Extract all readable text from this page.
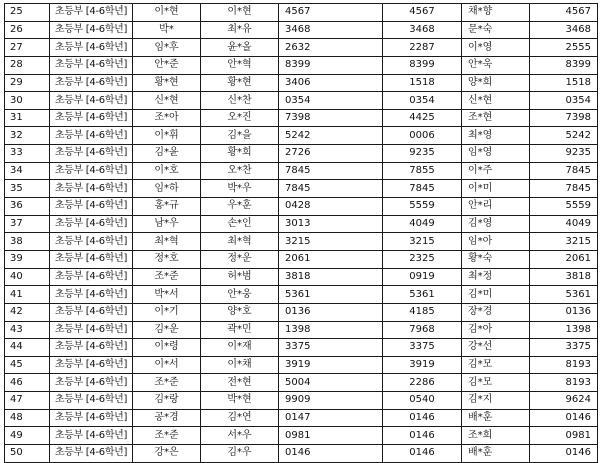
25	초등부 [4-6학년]	이*현	이*현	4567	4567	채*향	4567
26	초등부 [4-6학년]	박*	최*유	3468	3468	문*숙	3468
27	초등부 [4-6학년]	임*후	윤*올	2632	2287	이*영	2555
28	초등부 [4-6학년]	안*준	안*혁	8399	8399	안*욱	8399
29	초등부 [4-6학년]	황*현	황*현	3406	1518	양*희	1518
30	초등부 [4-6학년]	신*현	신*찬	0354	0354	신*현	0354
31	초등부 [4-6학년]	조*아	오*진	7398	4425	조*현	7398
32	초등부 [4-6학년]	이*휘	김*을	5242	0006	최*영	5242
33	초등부 [4-6학년]	김*윤	황*희	2726	9235	임*영	9235
34	초등부 [4-6학년]	이*호	오*찬	7845	7855	이*주	7845
35	초등부 [4-6학년]	임*하	박*우	7845	7845	이*미	7845
36	초등부 [4-6학년]	홍*규	우*훈	0428	5559	안*리	5559
37	초등부 [4-6학년]	남*우	손*인	3013	4049	김*영	4049
38	초등부 [4-6학년]	최*혁	최*혁	3215	3215	임*아	3215
39	초등부 [4-6학년]	정*호	정*운	2061	2325	황*숙	2061
40	초등부 [4-6학년]	조*준	허*범	3818	0919	최*정	3818
41	초등부 [4-6학년]	박*서	안*웅	5361	5361	김*미	5361
42	초등부 [4-6학년]	이*기	양*호	0136	4185	장*경	0136
43	초등부 [4-6학년]	김*운	곽*민	1398	7968	김*아	1398
44	초등부 [4-6학년]	이*령	이*재	3375	3375	강*선	3375
45	초등부 [4-6학년]	이*서	이*채	3919	3919	김*모	8193
46	초등부 [4-6학년]	조*준	전*현	5004	2286	김*모	8193
47	초등부 [4-6학년]	김*랑	박*현	9909	0540	김*지	9624
48	초등부 [4-6학년]	공*경	김*연	0147	0146	배*훈	0146
49	초등부 [4-6학년]	조*준	서*우	0981	0146	조*희	0981
50	초등부 [4-6학년]	강*은	김*우	0146	0146	배*훈	0146
